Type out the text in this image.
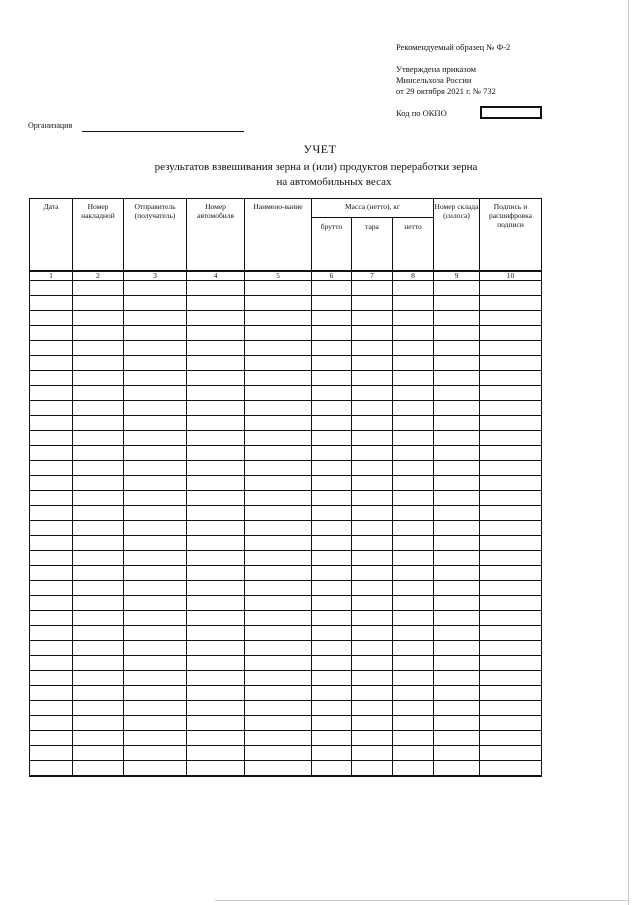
Рекомендуемый образец № Ф-2
Утверждена приказом
Минсельхоза России
от 29 октября 2021 г. № 732
Код по ОКПО
Организация
УЧЕТ
результатов взвешивания зерна и (или) продуктов переработки зерна
на автомобильных весах
Дата	Номер накладной	Отправитель (получатель)	Номер автомобиля	Наимено-вание	Масса (нетто), кг			Номер склада (силоса)	Подпись и расшифровка подписи
					брутто	тара	нетто		
1	2	3	4	5	6	7	8	9	10
